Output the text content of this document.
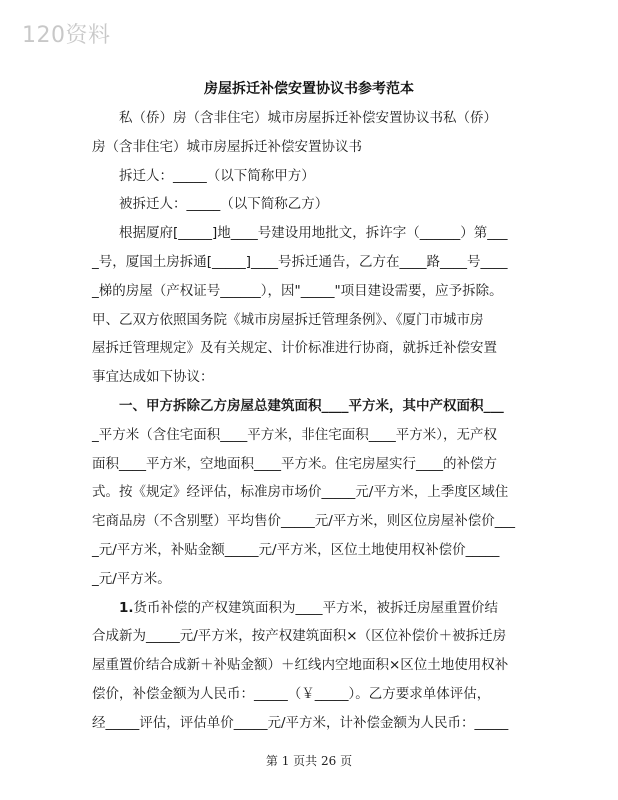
120资料
房屋拆迁补偿安置协议书参考范本
私（侨）房（含非住宅）城市房屋拆迁补偿安置协议书私（侨）
房（含非住宅）城市房屋拆迁补偿安置协议书
拆迁人：_____（以下简称甲方）
被拆迁人：_____（以下简称乙方）
根据厦府[_____]地____号建设用地批文，拆许字（______）第___
_号，厦国土房拆通[_____]____号拆迁通告，乙方在____路____号____
_梯的房屋（产权证号______），因"_____"项目建设需要，应予拆除。
甲、乙双方依照国务院《城市房屋拆迁管理条例》、《厦门市城市房
屋拆迁管理规定》及有关规定、计价标准进行协商，就拆迁补偿安置
事宜达成如下协议：
一、甲方拆除乙方房屋总建筑面积____平方米，其中产权面积___
_平方米（含住宅面积____平方米，非住宅面积____平方米），无产权
面积____平方米，空地面积____平方米。住宅房屋实行____的补偿方
式。按《规定》经评估，标准房市场价_____元/平方米，上季度区域住
宅商品房（不含别墅）平均售价_____元/平方米，则区位房屋补偿价___
_元/平方米，补贴金额_____元/平方米，区位土地使用权补偿价_____
_元/平方米。
1.货币补偿的产权建筑面积为____平方米，被拆迁房屋重置价结
合成新为_____元/平方米，按产权建筑面积×（区位补偿价＋被拆迁房
屋重置价结合成新＋补贴金额）＋红线内空地面积×区位土地使用权补
偿价，补偿金额为人民币：_____（￥_____）。乙方要求单体评估，
经_____评估，评估单价_____元/平方米，计补偿金额为人民币：_____
第 1 页共 26 页
